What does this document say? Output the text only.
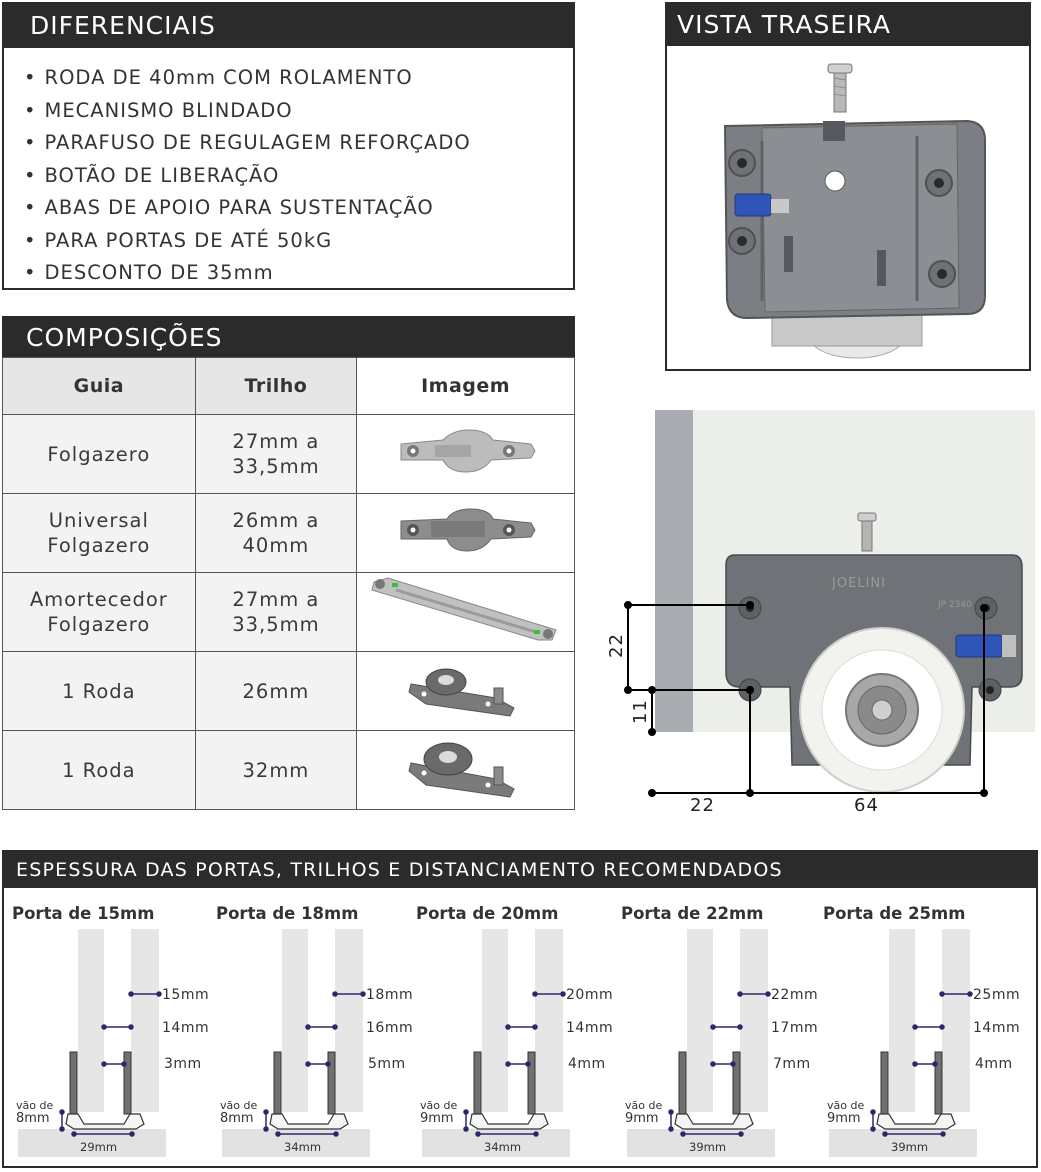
DIFERENCIAIS
• RODA DE 40mm COM ROLAMENTO
• MECANISMO BLINDADO
• PARAFUSO DE REGULAGEM REFORÇADO
• BOTÃO DE LIBERAÇÃO
• ABAS DE APOIO PARA SUSTENTAÇÃO
• PARA PORTAS DE ATÉ 50kG
• DESCONTO DE 35mm
VISTA TRASEIRA
COMPOSIÇÕES
Guia	Trilho	Imagem
Folgazero	27mm a 33,5mm

Universal Folgazero	26mm a 40mm

Amortecedor Folgazero	27mm a 33,5mm

1 Roda	26mm	
1 Roda	32mm	
JOELINI
JP 2340
22
11
22	64
ESPESSURA DAS PORTAS, TRILHOS E DISTANCIAMENTO RECOMENDADOS
Porta de 15mm
15mm
14mm
3mm
vão de
8mm
29mm
Porta de 18mm
18mm
16mm
5mm
vão de
8mm
34mm
Porta de 20mm
20mm
14mm
4mm
vão de
9mm
34mm
Porta de 22mm
22mm
17mm
7mm
vão de
9mm
39mm
Porta de 25mm
25mm
14mm
4mm
vão de
9mm
39mm
